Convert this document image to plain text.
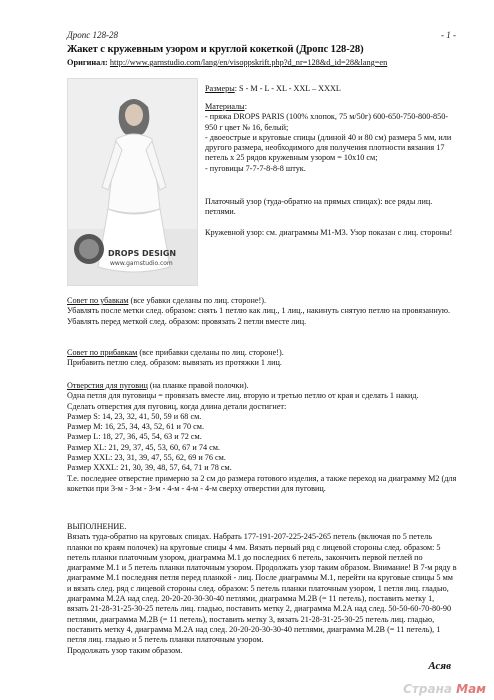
Дропс 128-28	- 1 -
Жакет с кружевным узором и круглой кокеткой (Дропс 128-28)
Оригинал: http://www.garnstudio.com/lang/en/visoppskrift.php?d_nr=128&d_id=28&lang=en
DROPS DESIGN
www.garnstudio.com
Размеры: S - M - L - XL - XXL – XXXL

Материалы:

- пряжа DROPS PARIS (100% хлопок, 75 м/50г) 600-650-750-800-850-950 г цвет № 16, белый;

- двоеострые и круговые спицы (длиной 40 и 80 см) размера 5 мм, или другого размера, необходимого для получения плотности вязания 17 петель х 25 рядов кружевным узором = 10х10 см;

- пуговицы 7-7-7-8-8-8 штук.

Платочный узор (туда-обратно на прямых спицах): все ряды лиц. петлями.
Кружевной узор: см. диаграммы М1-М3. Узор показан с лиц. стороны!

Совет по убавкам (все убавки сделаны по лиц. стороне!).

Убавлять после метки след. образом: снять 1 петлю как лиц., 1 лиц., накинуть снятую петлю на провязанную.

Убавлять перед меткой след. образом: провязать 2 петли вместе лиц.

Совет по прибавкам (все прибавки сделаны по лиц. стороне!).

Прибавить петлю след. образом: вывязать из протяжки 1 лиц.

Отверстия для пуговиц (на планке правой полочки).

Одна петля для пуговицы = провязать вместе лиц. вторую и третью петлю от края и сделать 1 накид.

Сделать отверстия для пуговиц, когда длина детали достигнет:

Размер S: 14, 23, 32, 41, 50, 59 и 68 см.

Размер M: 16, 25, 34, 43, 52, 61 и 70 см.

Размер L: 18, 27, 36, 45, 54, 63 и 72 см.

Размер XL: 21, 29, 37, 45, 53, 60, 67 и 74 см.

Размер XXL: 23, 31, 39, 47, 55, 62, 69 и 76 см.

Размер XXXL: 21, 30, 39, 48, 57, 64, 71 и 78 см.

Т.е. последнее отверстие примерно за 2 см до размера готового изделия, а также переход на диаграмму М2 (для кокетки при 3-м - 3-м - 3-м - 4-м - 4-м - 4-м сверху отверстии для пуговиц.

ВЫПОЛНЕНИЕ.

Вязать туда-обратно на круговых спицах. Набрать 177-191-207-225-245-265 петель (включая по 5 петель планки по краям полочек) на круговые спицы 4 мм. Вязать первый ряд с лицевой стороны след. образом: 5 петель планки платочным узором, диаграмма М.1 до последних 6 петель, закончить первой петлей по диаграмме М.1 и 5 петель планки платочным узором. Продолжать узор таким образом. Внимание! В 7-м ряду в диаграмме М.1 последняя петля перед планкой - лиц. После диаграммы М.1, перейти на круговые спицы 5 мм и вязать след. ряд с лицевой стороны след. образом: 5 петель планки платочным узором, 1 петля лиц. гладью, диаграмма М.2А над след. 20-20-20-30-30-40 петлями, диаграмма М.2В (= 11 петель), поставить метку 1, вязать 21-28-31-25-30-25 петель лиц. гладью, поставить метку 2, диаграмма М.2А над след. 50-50-60-70-80-90 петлями, диаграмма М.2В (= 11 петель), поставить метку 3, вязать 21-28-31-25-30-25 петель лиц. гладью, поставить метку 4, диаграмма М.2А над след. 20-20-20-30-30-40 петлями, диаграмма М.2В (= 11 петель), 1 петля лиц. гладью и 5 петель планки платочным узором.

Продолжать узор таким образом.

Асяв
Страна Мам
